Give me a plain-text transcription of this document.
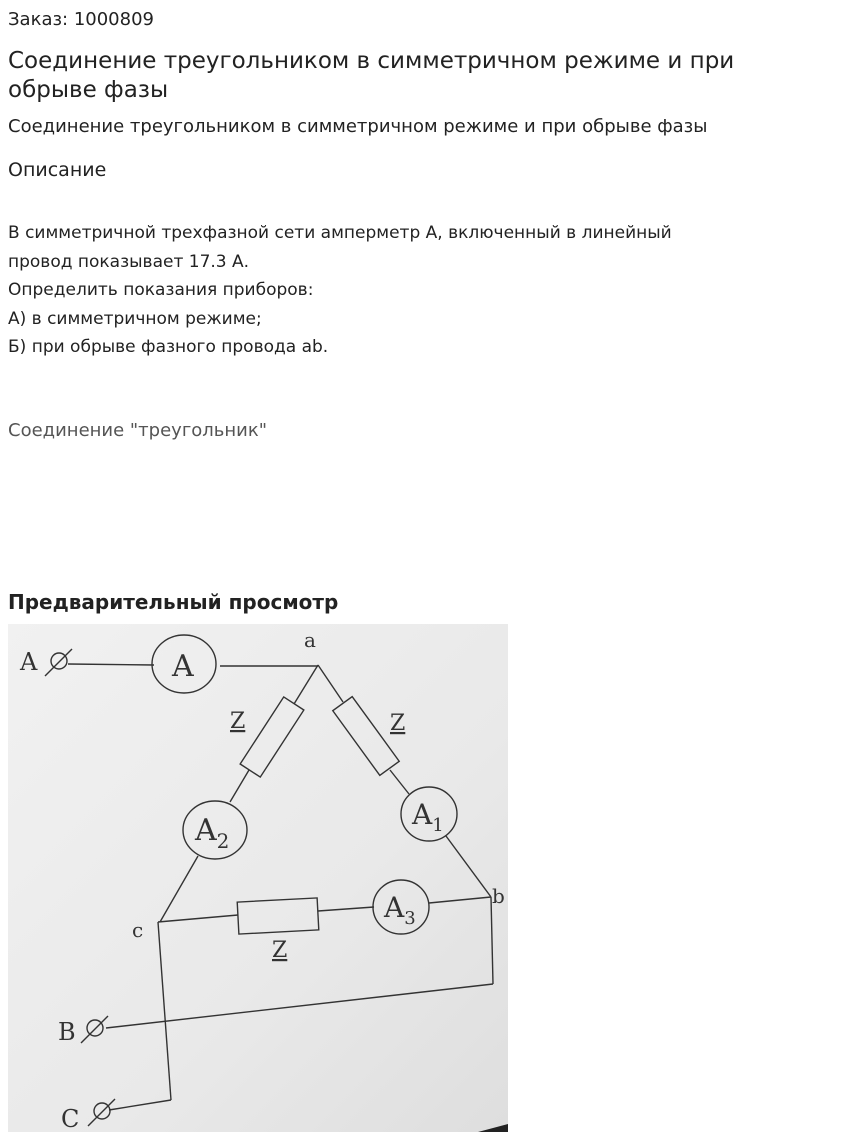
Заказ: 1000809
Соединение треугольником в симметричном режиме и при обрыве фазы
Соединение треугольником в симметричном режиме и при обрыве фазы
Описание
В симметричной трехфазной сети амперметр А, включенный в линейный
провод показывает 17.3 А.
Определить показания приборов:
А) в симметричном режиме;
Б) при обрыве фазного провода ab.
Соединение "треугольник"
Предварительный просмотр
A
B
C
a
b
c
A
$A_2$
$A_1$
$A_3$
Z	Z
Z
